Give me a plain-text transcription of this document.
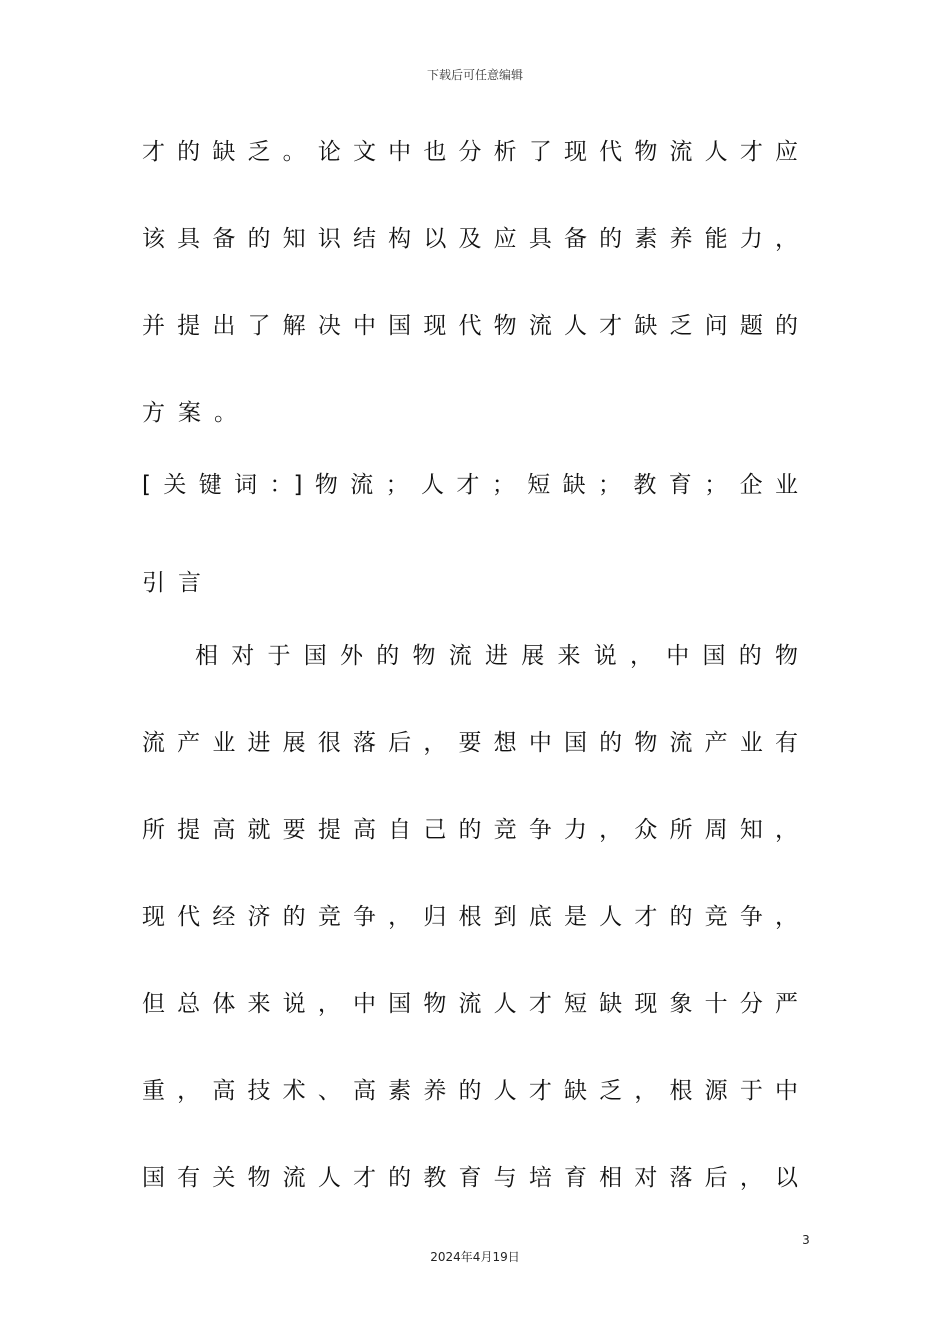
下载后可任意编辑
才的缺乏。论文中也分析了现代物流人才应
该具备的知识结构以及应具备的素养能力，
并提出了解决中国现代物流人才缺乏问题的
方案。
[关键词：]物流；人才；短缺；教育；企业
引言
相对于国外的物流进展来说，中国的物
流产业进展很落后，要想中国的物流产业有
所提高就要提高自己的竞争力，众所周知，
现代经济的竞争，归根到底是人才的竞争，
但总体来说，中国物流人才短缺现象十分严
重，高技术、高素养的人才缺乏，根源于中
国有关物流人才的教育与培育相对落后，以
3
2024年4月19日
